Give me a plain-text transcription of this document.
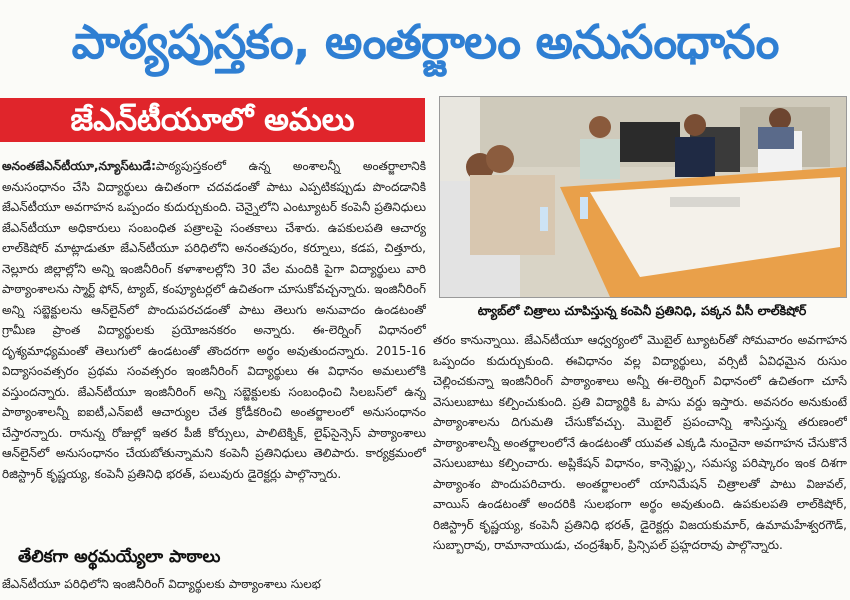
పాఠ్యపుస్తకం, అంతర్జాలం అనుసంధానం
జేఎన్‌టీయూలో అమలు
ట్యాబ్‌లో చిత్రాలు చూపిస్తున్న కంపెనీ ప్రతినిధి, పక్కన వీసీ లాల్‌కిషోర్‌

అనంతజేఎన్‌టీయూ,న్యూస్‌టుడే:పాఠ్యపుస్తకంలో ఉన్న అంశాలన్నీ అంతర్జాలానికి అనుసంధానం చేసి విద్యార్థులు ఉచితంగా చదవడంతో పాటు ఎప్పటికప్పుడు పొందడానికి జేఎన్‌టీయూ అవగాహన ఒప్పందం కుదుర్చుకుంది. చెన్నైలోని ఎంట్యూటర్‌ కంపెనీ ప్రతినిధులు జేఎన్‌టీయూ అధికారులు సంబంధిత పత్రాలపై సంతకాలు చేశారు. ఉపకులపతి ఆచార్య లాల్‌కిషోర్‌ మాట్లాడుతూ జేఎన్‌టీయూ పరిధిలోని అనంతపురం, కర్నూలు, కడప, చిత్తూరు, నెల్లూరు జిల్లాల్లోని అన్ని ఇంజినీరింగ్‌ కళాశాలల్లోని 30 వేల మందికి పైగా విద్యార్థులు వారి పాఠ్యాంశాలను స్మార్ట్‌ ఫోన్‌, ట్యాబ్‌, కంప్యూటర్లలో ఉచితంగా చూసుకోవచ్చన్నారు. ఇంజినీరింగ్‌ అన్ని సబ్జెక్టులను ఆన్‌లైన్‌లో పొందుపరచడంతో పాటు తెలుగు అనువాదం ఉండటంతో గ్రామీణ ప్రాంత విద్యార్థులకు ప్రయోజనకరం అన్నారు. ఈ-లెర్నింగ్‌ విధానంలో దృశ్యమాధ్యమంతో తెలుగులో ఉండటంతో తొందరగా అర్థం అవుతుందన్నారు. 2015-16 విద్యాసంవత్సరం ప్రథమ సంవత్సరం ఇంజినీరింగ్‌ విద్యార్థులు ఈ విధానం అమలులోకి వస్తుందన్నారు. జేఎన్‌టీయూ ఇంజినీరింగ్‌ అన్ని సబ్జెక్టులకు సంబంధించి సిలబస్‌లో ఉన్న పాఠ్యాంశాలన్నీ ఐఐటీ,ఎన్‌ఐటీ ఆచార్యుల చేత క్రోడీకరించి అంతర్జాలంలో అనుసంధానం చేస్తారన్నారు. రానున్న రోజుల్లో ఇతర పీజీ కోర్సులు, పాలిటెక్నిక్‌, లైఫ్‌సైన్సెస్‌ పాఠ్యాంశాలు ఆన్‌లైన్‌లో అనుసంధానం చేయబోతున్నామని కంపెనీ ప్రతినిధులు తెలిపారు. కార్యక్రమంలో రిజిస్ట్రార్‌ కృష్ణయ్య, కంపెనీ ప్రతినిధి భరత్‌, పలువురు డైరెక్టర్లు పాల్గొన్నారు.

తరం కానున్నాయి. జేఎన్‌టీయూ ఆధ్వర్యంలో మొబైల్‌ ట్యూటర్‌తో సోమవారం అవగాహన ఒప్పందం కుదుర్చుకుంది. ఈవిధానం వల్ల విద్యార్థులు, వర్సిటీ ఏవిధమైన రుసుం చెల్లించకున్నా ఇంజినీరింగ్‌ పాఠ్యాంశాలు అన్నీ ఈ-లెర్నింగ్‌ విధానంలో ఉచితంగా చూసే వెసులుబాటు కల్పించుకుంది. ప్రతి విద్యార్థికి ఓ పాసు వర్డు ఇస్తారు. అవసరం అనుకుంటే పాఠ్యాంశాలను దిగుమతి చేసుకోవచ్చు. మొబైల్‌ ప్రపంచాన్ని శాసిస్తున్న తరుణంలో పాఠ్యాంశాలన్నీ అంతర్జాలంలోనే ఉండటంతో యువత ఎక్కడి నుంచైనా అవగాహన చేసుకొనే వెసులుబాటు కల్పించారు. అప్లికేషన్‌ విధానం, కాన్సెప్ట్సు, సమస్య పరిష్కారం ఇంక దిశగా పాఠ్యాంశం పొందుపరిచారు. అంతర్జాలంలో యానిమేషన్‌ చిత్రాలతో పాటు విజువల్‌, వాయిస్‌ ఉండటంతో అందరికి సులభంగా అర్థం అవుతుంది. ఉపకులపతి లాల్‌కిషోర్‌, రిజిస్ట్రార్‌ కృష్ణయ్య, కంపెనీ ప్రతినిధి భరత్‌, డైరెక్టర్లు విజయకుమార్‌, ఉమామహేశ్వరగౌడ్‌, సుబ్బారావు, రామానాయుడు, చంద్రశేఖర్‌, ప్రిన్సిపల్‌ ప్రహ్లదరావు పాల్గొన్నారు.

తేలికగా అర్థమయ్యేలా పాఠాలు

జేఎన్‌టీయూ పరిధిలోని ఇంజినీరింగ్‌ విద్యార్థులకు పాఠ్యాంశాలు సులభ
